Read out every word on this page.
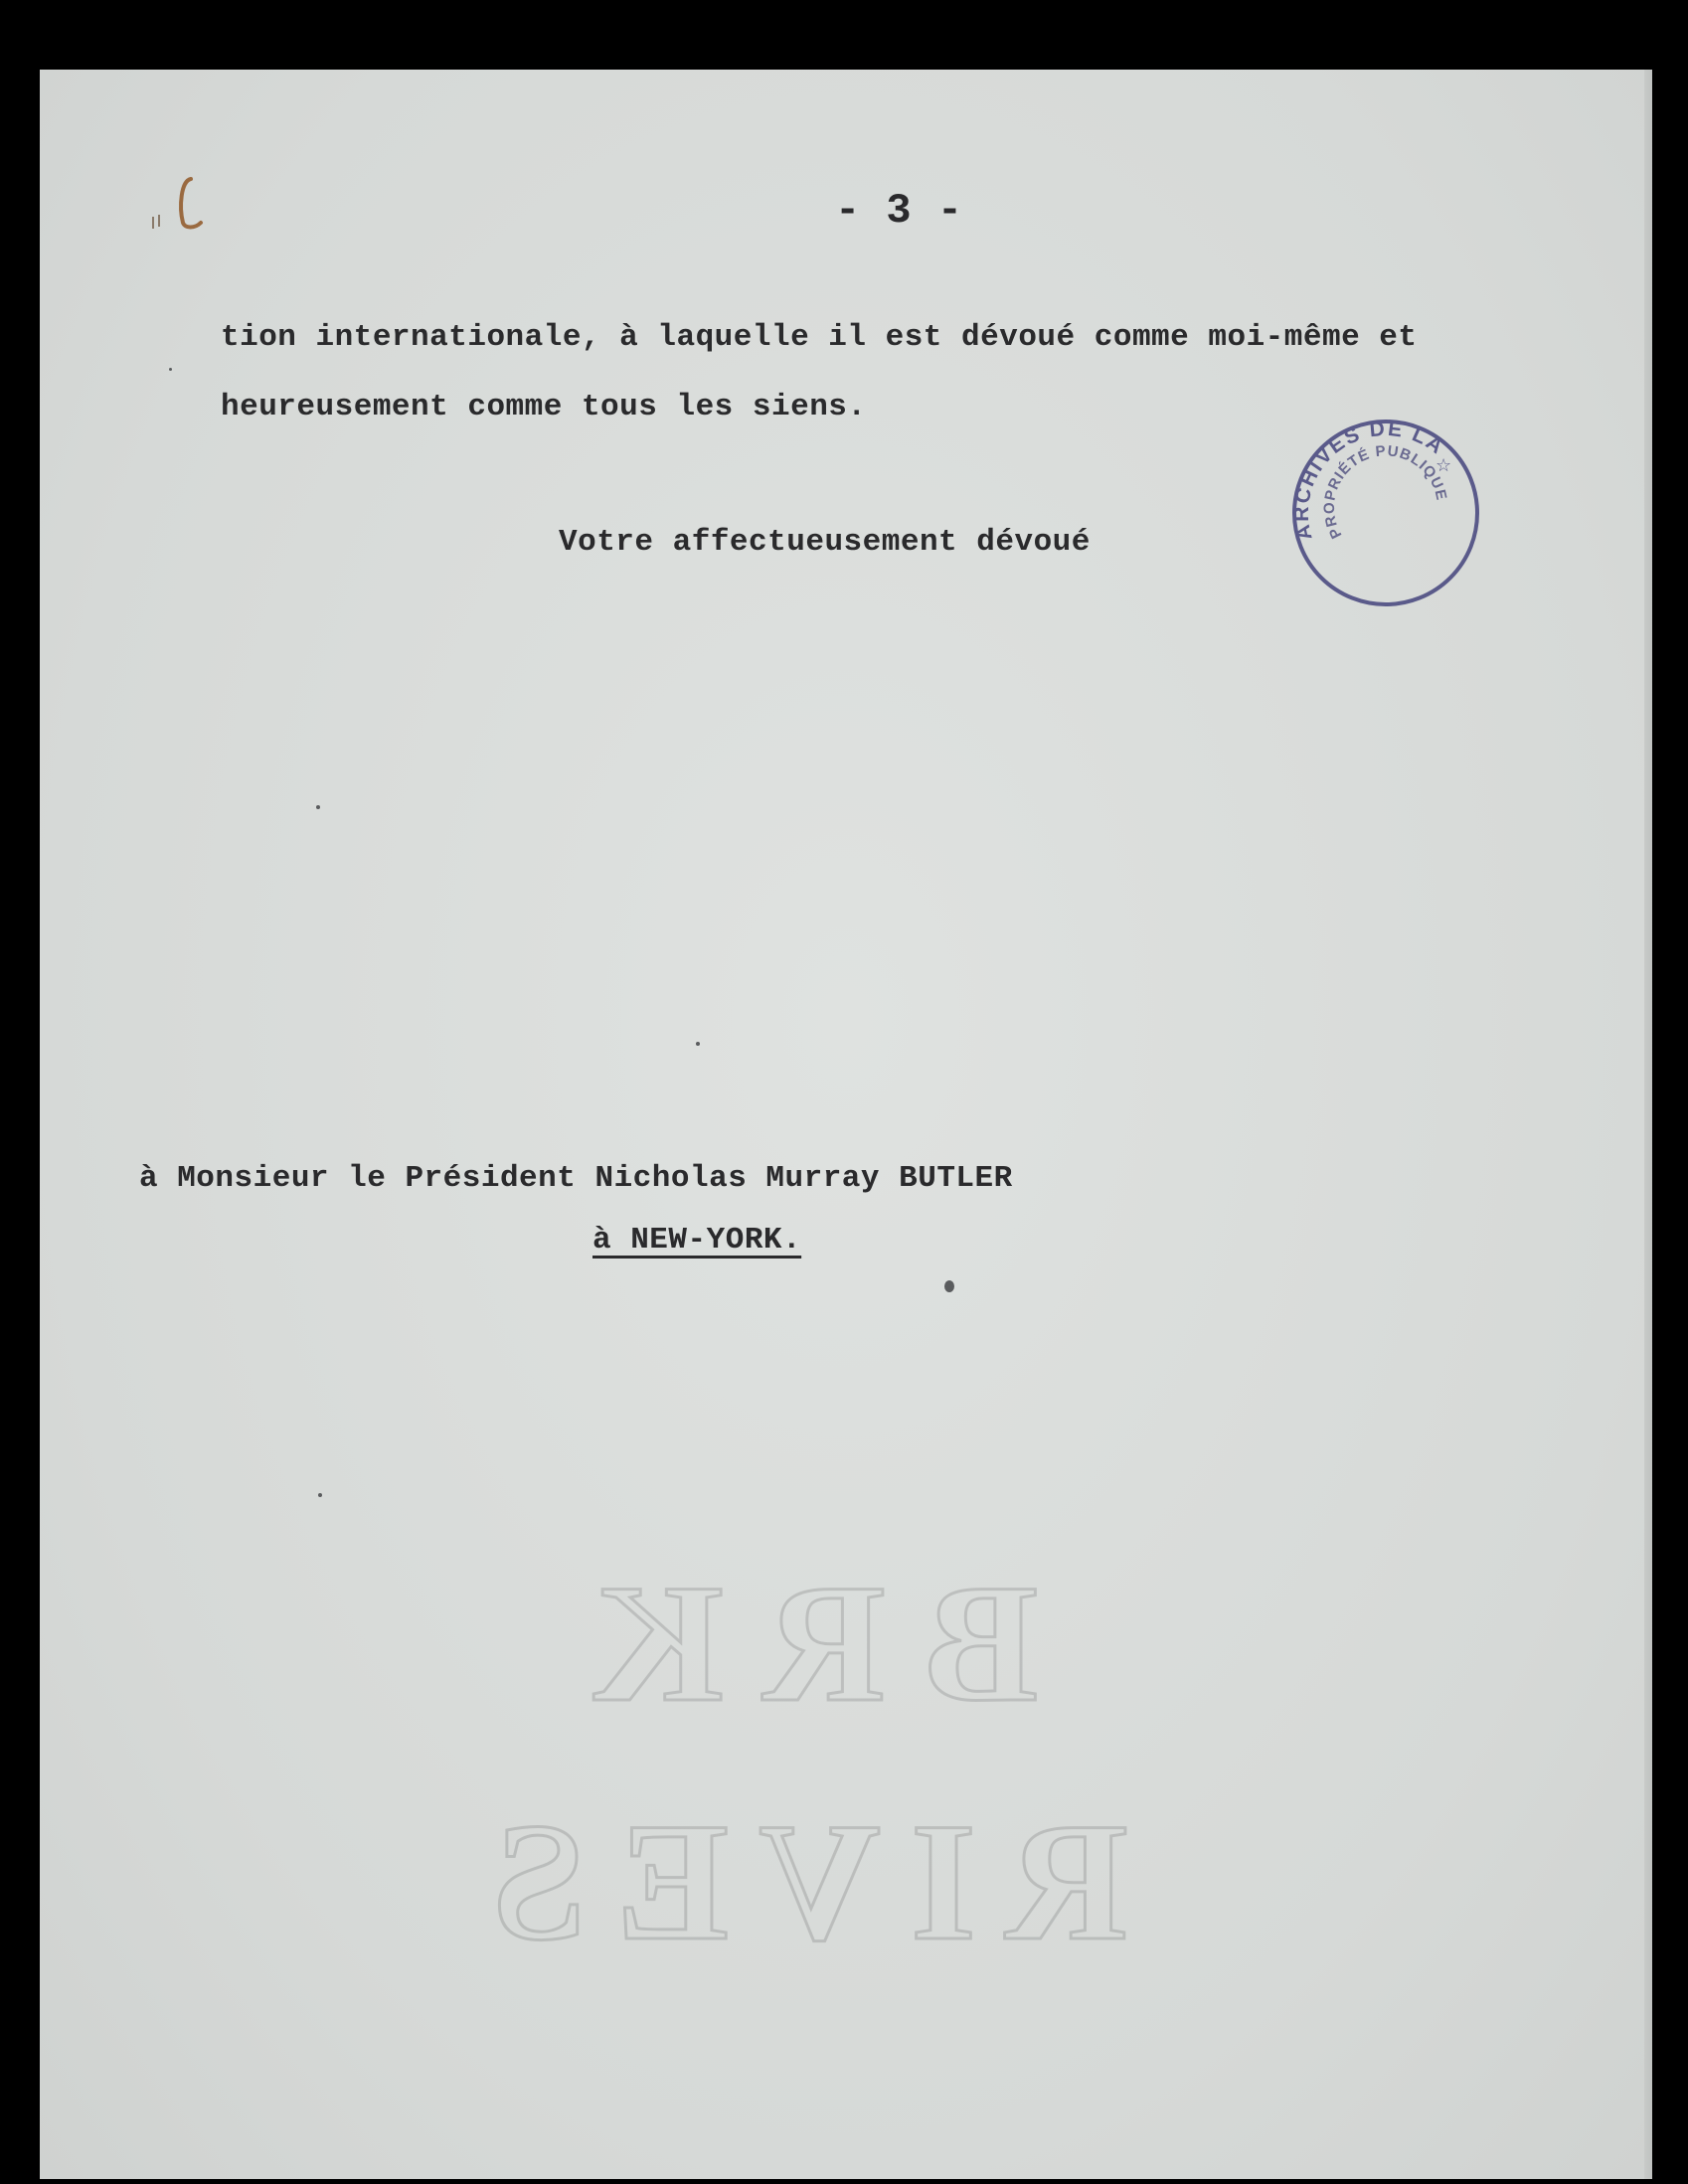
- 3 -
tion internationale, à laquelle il est dévoué comme moi-même et
heureusement comme tous les siens.
Votre affectueusement dévoué	ARCHIVES DE LA
PROPRIÉTÉ PUBLIQUE
☆
à Monsieur le Président Nicholas Murray BUTLER
à NEW-YORK.
BRK
RIVES
